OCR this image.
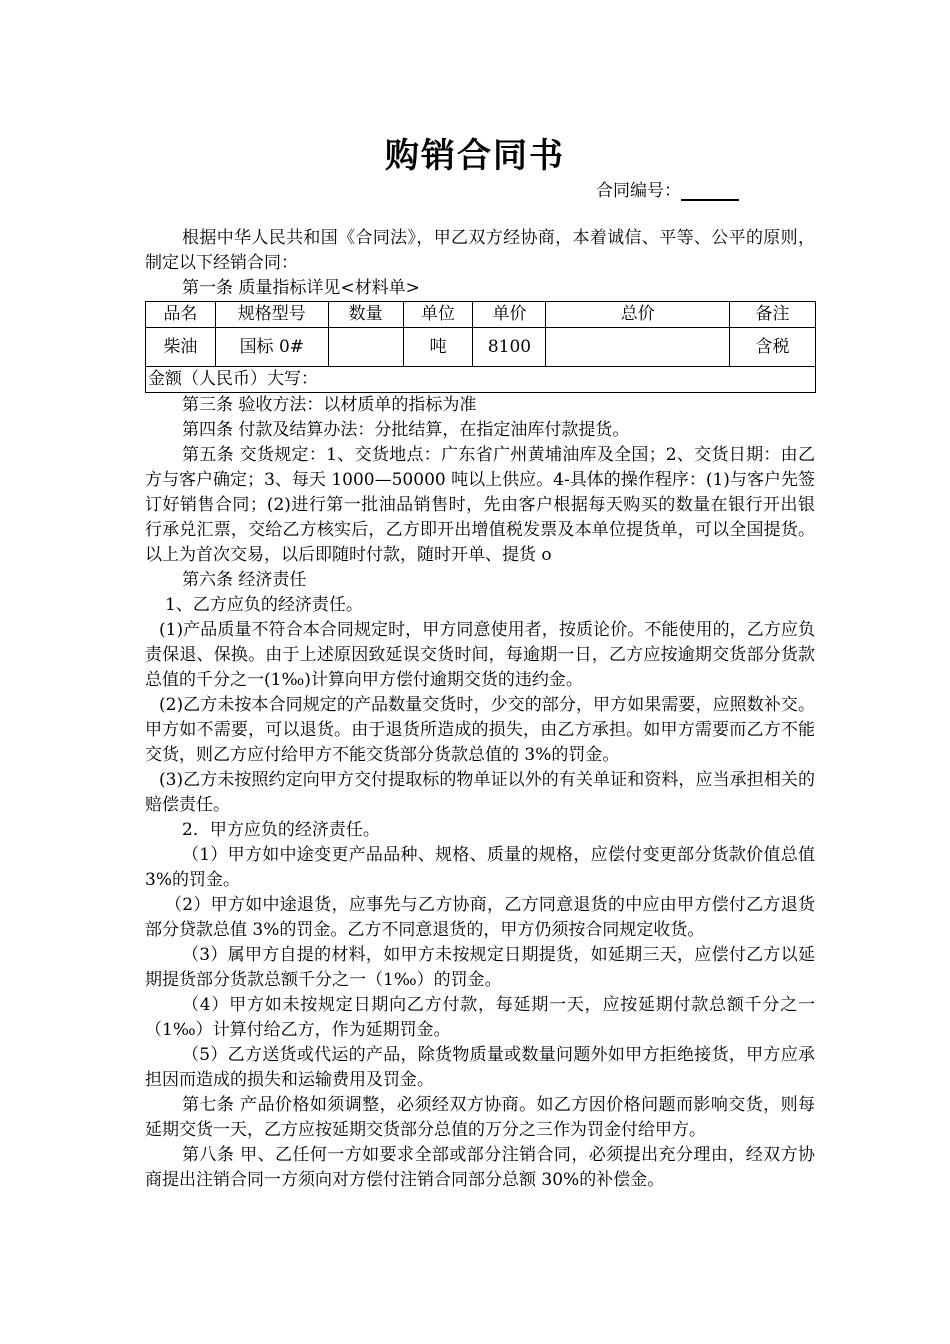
购销合同书
合同编号：

根据中华人民共和国《合同法》，甲乙双方经协商，本着诚信、平等、公平的原则，制定以下经销合同：

第一条 质量指标详见<材料单>

品名	规格型号	数量	单位	单价	总价	备注
柴油	国标 0#		吨	8100		含税
金额（人民币）大写：						

第三条 验收方法：以材质单的指标为准

第四条 付款及结算办法：分批结算，在指定油库付款提货。

第五条 交货规定：1、交货地点：广东省广州黄埔油库及全国；2、交货日期：由乙方与客户确定；3、每天 1000—50000 吨以上供应。4-具体的操作程序：(1)与客户先签订好销售合同；(2)进行第一批油品销售时，先由客户根据每天购买的数量在银行开出银行承兑汇票，交给乙方核实后，乙方即开出增值税发票及本单位提货单，可以全国提货。以上为首次交易，以后即随时付款，随时开单、提货 o

第六条 经济责任

1、乙方应负的经济责任。

(1)产品质量不符合本合同规定时，甲方同意使用者，按质论价。不能使用的，乙方应负责保退、保换。由于上述原因致延误交货时间，每逾期一日，乙方应按逾期交货部分货款总值的千分之一(1‰)计算向甲方偿付逾期交货的违约金。

(2)乙方未按本合同规定的产品数量交货时，少交的部分，甲方如果需要，应照数补交。甲方如不需要，可以退货。由于退货所造成的损失，由乙方承担。如甲方需要而乙方不能交货，则乙方应付给甲方不能交货部分货款总值的 3%的罚金。

(3)乙方未按照约定向甲方交付提取标的物单证以外的有关单证和资料，应当承担相关的赔偿责任。

2．甲方应负的经济责任。

（1）甲方如中途变更产品品种、规格、质量的规格，应偿付变更部分货款价值总值 3%的罚金。

（2）甲方如中途退货，应事先与乙方协商，乙方同意退货的中应由甲方偿付乙方退货部分贷款总值 3%的罚金。乙方不同意退货的，甲方仍须按合同规定收货。

（3）属甲方自提的材料，如甲方未按规定日期提货，如延期三天，应偿付乙方以延期提货部分货款总额千分之一（1‰）的罚金。

（4）甲方如未按规定日期向乙方付款，每延期一天，应按延期付款总额千分之一（1‰）计算付给乙方，作为延期罚金。

（5）乙方送货或代运的产品，除货物质量或数量问题外如甲方拒绝接货，甲方应承担因而造成的损失和运输费用及罚金。

第七条 产品价格如须调整，必须经双方协商。如乙方因价格问题而影响交货，则每延期交货一天，乙方应按延期交货部分总值的万分之三作为罚金付给甲方。

第八条 甲、乙任何一方如要求全部或部分注销合同，必须提出充分理由，经双方协商提出注销合同一方须向对方偿付注销合同部分总额 30%的补偿金。
